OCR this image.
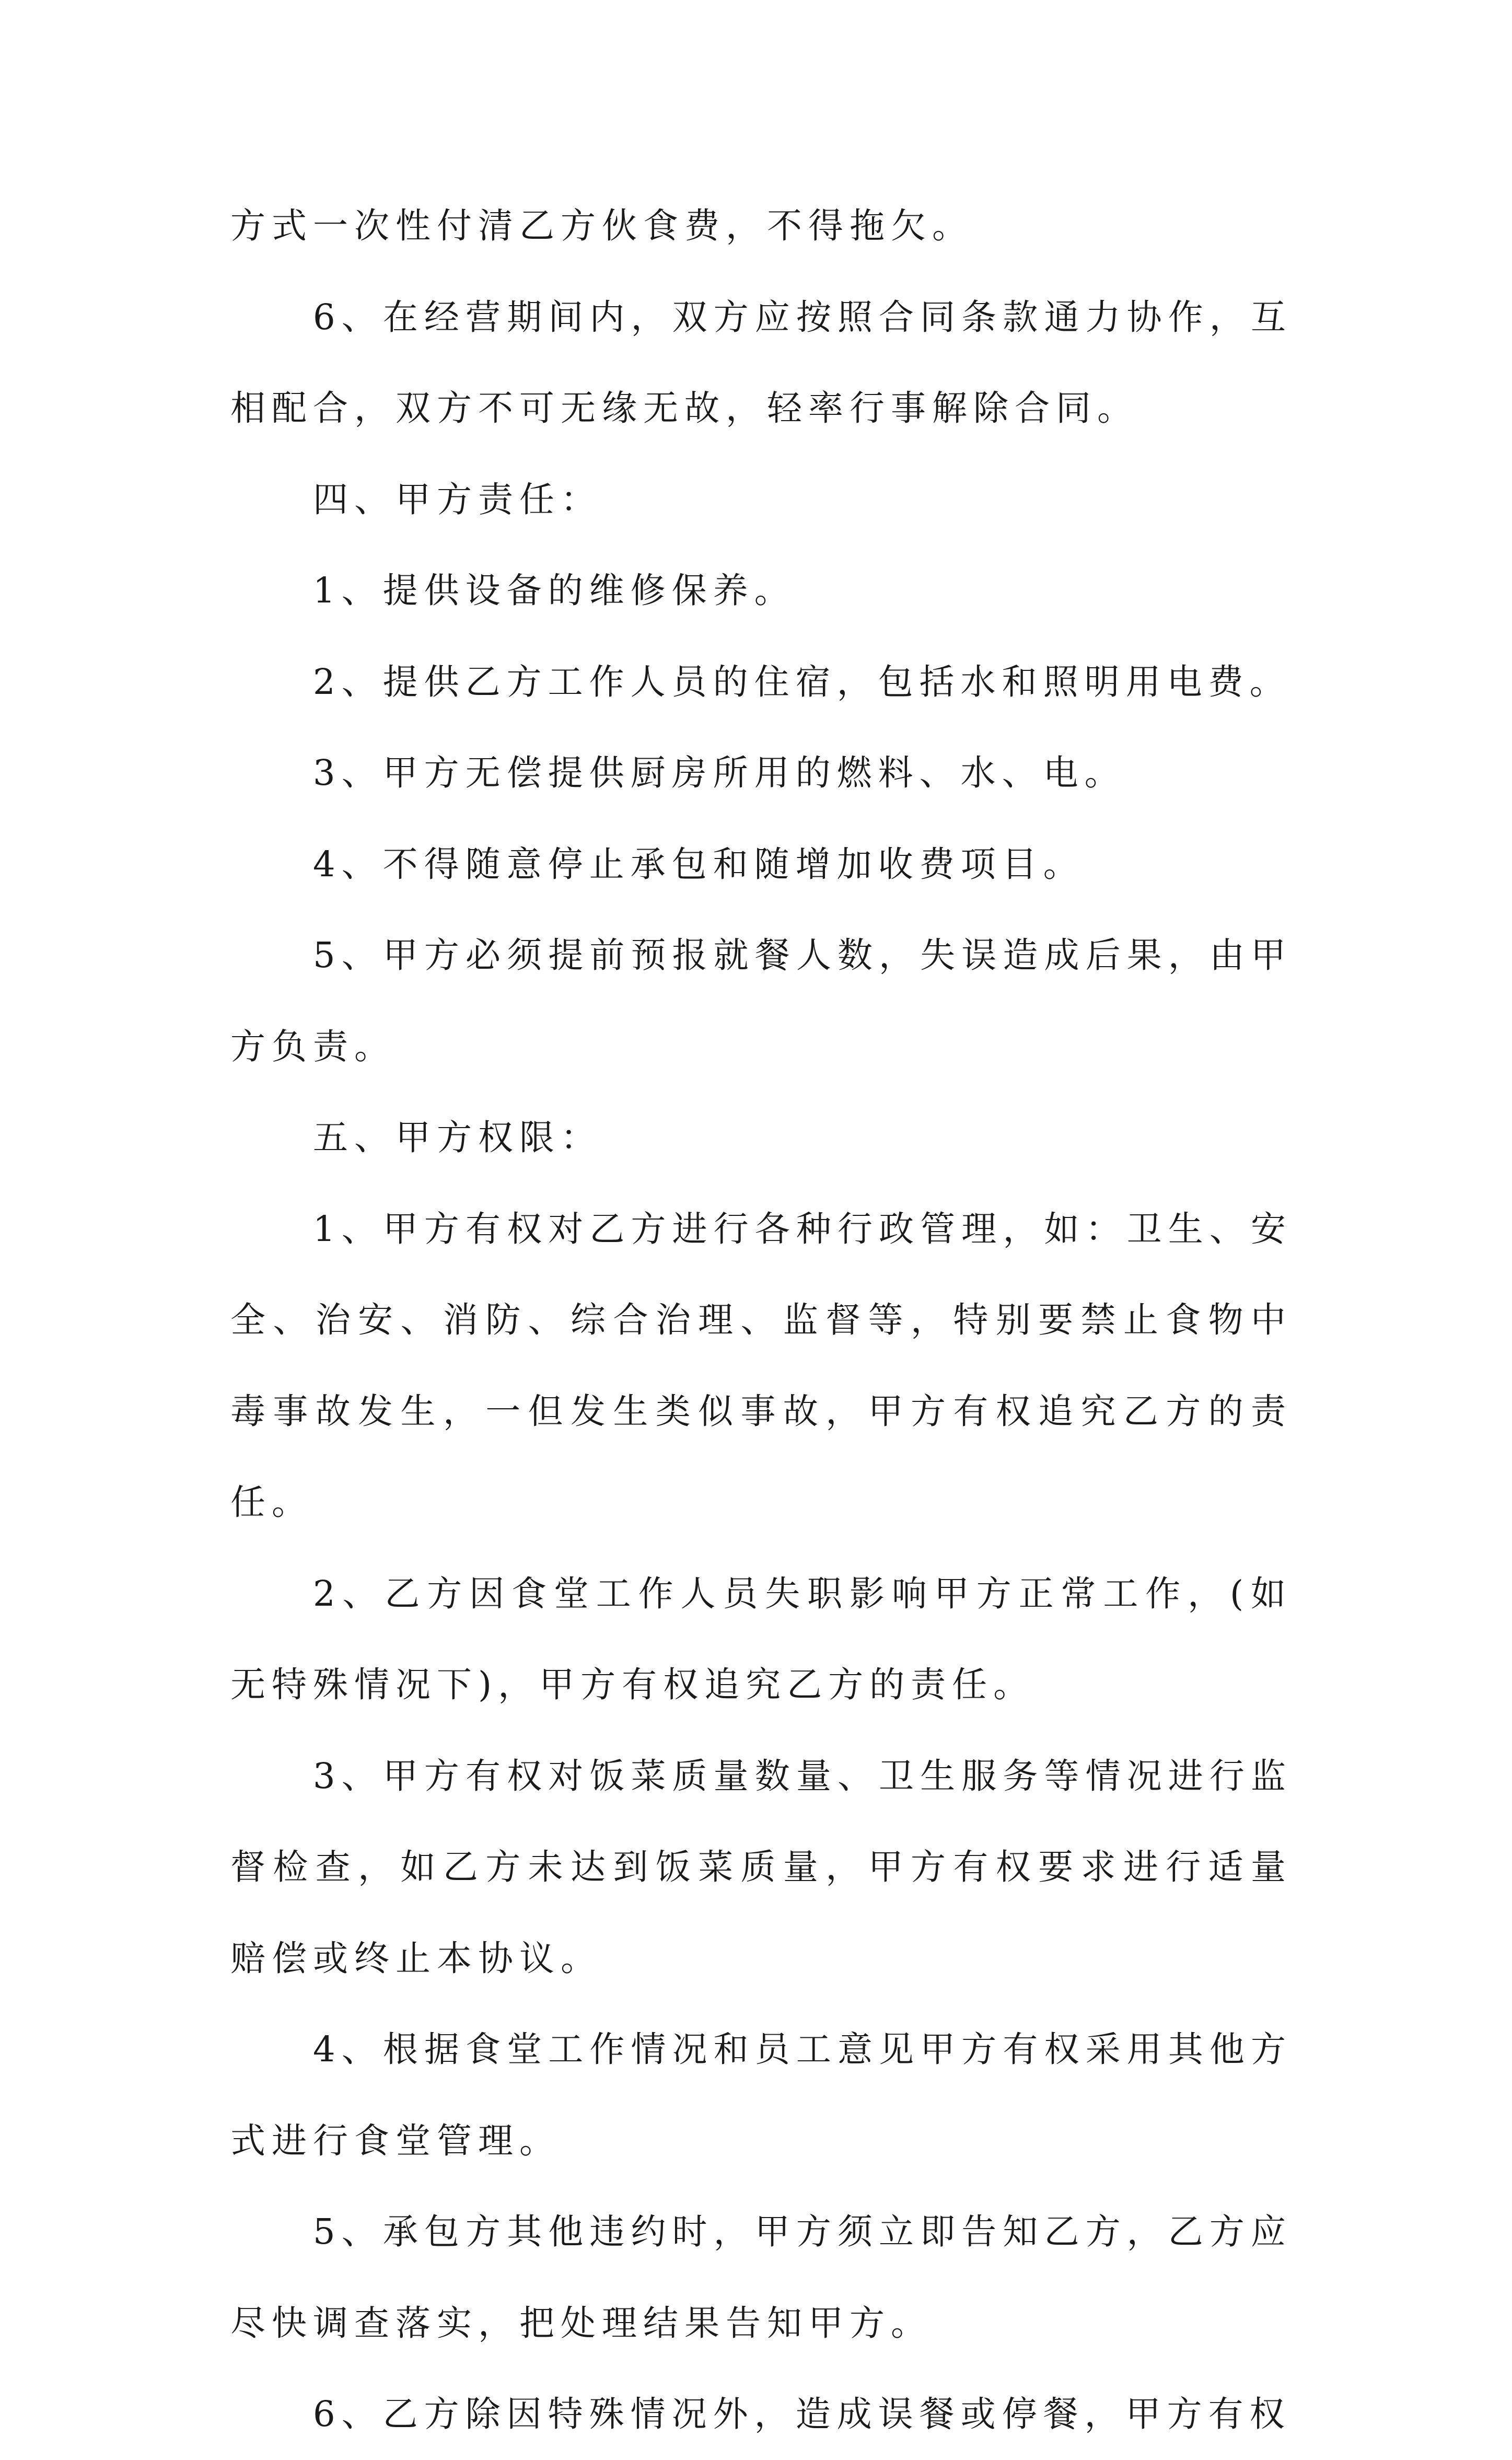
方式一次性付清乙方伙食费，不得拖欠。

6、在经营期间内，双方应按照合同条款通力协作，互相配合，双方不可无缘无故，轻率行事解除合同。

四、甲方责任：

1、提供设备的维修保养。

2、提供乙方工作人员的住宿，包括水和照明用电费。

3、甲方无偿提供厨房所用的燃料、水、电。

4、不得随意停止承包和随增加收费项目。

5、甲方必须提前预报就餐人数，失误造成后果，由甲方负责。

五、甲方权限：

1、甲方有权对乙方进行各种行政管理，如：卫生、安全、治安、消防、综合治理、监督等，特别要禁止食物中毒事故发生，一但发生类似事故，甲方有权追究乙方的责任。

2、乙方因食堂工作人员失职影响甲方正常工作，(如无特殊情况下)，甲方有权追究乙方的责任。

3、甲方有权对饭菜质量数量、卫生服务等情况进行监督检查，如乙方未达到饭菜质量，甲方有权要求进行适量赔偿或终止本协议。

4、根据食堂工作情况和员工意见甲方有权采用其他方式进行食堂管理。

5、承包方其他违约时，甲方须立即告知乙方，乙方应尽快调查落实，把处理结果告知甲方。

6、乙方除因特殊情况外，造成误餐或停餐，甲方有权
